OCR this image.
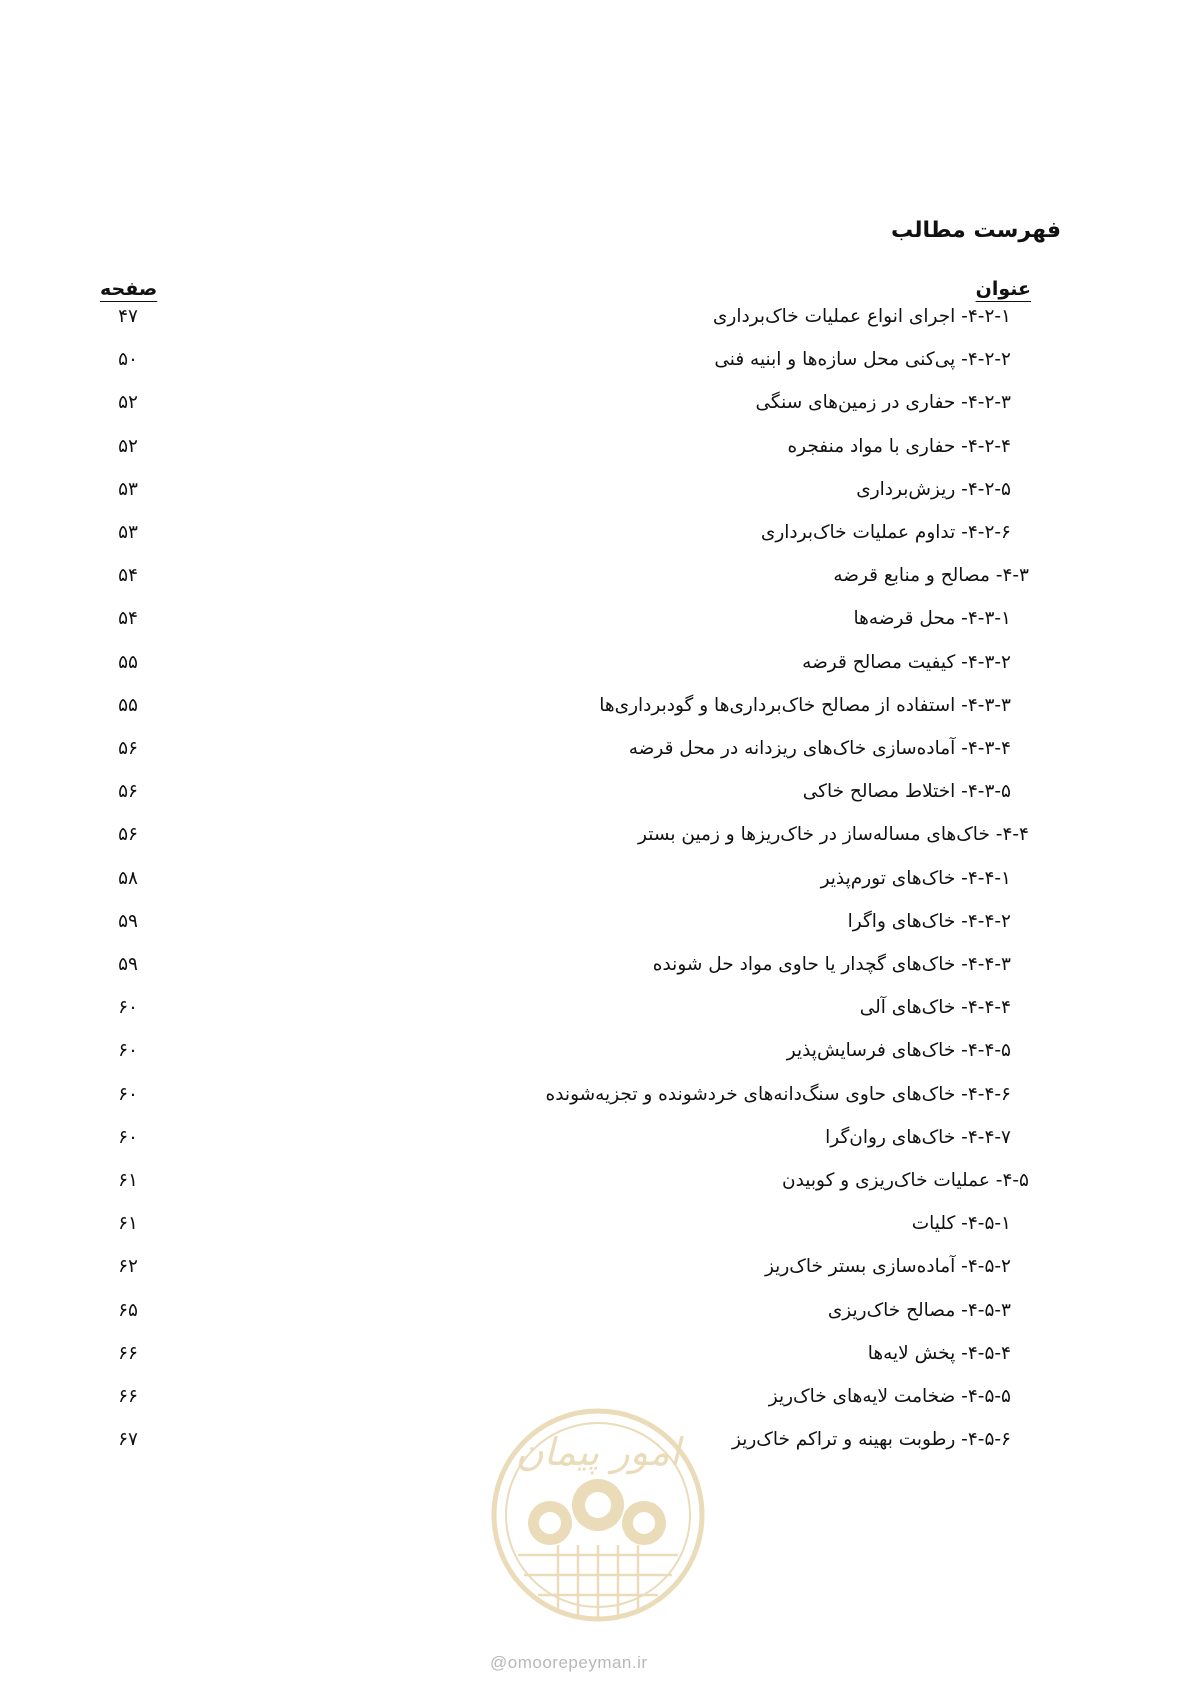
فهرست مطالب
عنوان
صفحه
۴-۲-۱- اجرای انواع عملیات خاک‌برداری
۴۷
۴-۲-۲- پی‌کنی محل سازه‌ها و ابنیه فنی
۵۰
۴-۲-۳- حفاری در زمین‌های سنگی
۵۲
۴-۲-۴- حفاری با مواد منفجره
۵۲
۴-۲-۵- ریزش‌برداری
۵۳
۴-۲-۶- تداوم عملیات خاک‌برداری
۵۳
۴-۳- مصالح و منابع قرضه
۵۴
۴-۳-۱- محل قرضه‌ها
۵۴
۴-۳-۲- کیفیت مصالح قرضه
۵۵
۴-۳-۳- استفاده از مصالح خاک‌برداری‌ها و گودبرداری‌ها
۵۵
۴-۳-۴- آماده‌سازی خاک‌های ریزدانه در محل قرضه
۵۶
۴-۳-۵- اختلاط مصالح خاکی
۵۶
۴-۴- خاک‌های مساله‌ساز در خاک‌ریزها و زمین بستر
۵۶
۴-۴-۱- خاک‌های تورم‌پذیر
۵۸
۴-۴-۲- خاک‌های واگرا
۵۹
۴-۴-۳- خاک‌های گچدار یا حاوی مواد حل شونده
۵۹
۴-۴-۴- خاک‌های آلی
۶۰
۴-۴-۵- خاک‌های فرسایش‌پذیر
۶۰
۴-۴-۶- خاک‌های حاوی سنگ‌دانه‌های خردشونده و تجزیه‌شونده
۶۰
۴-۴-۷- خاک‌های روان‌گرا
۶۰
۴-۵- عملیات خاک‌ریزی و کوبیدن
۶۱
۴-۵-۱- کلیات
۶۱
۴-۵-۲- آماده‌سازی بستر خاک‌ریز
۶۲
۴-۵-۳- مصالح خاک‌ریزی
۶۵
۴-۵-۴- پخش لایه‌ها
۶۶
۴-۵-۵- ضخامت لایه‌های خاک‌ریز
۶۶
۴-۵-۶- رطوبت بهینه و تراکم خاک‌ریز
۶۷	امور پیمان
@omoorepeyman.ir
